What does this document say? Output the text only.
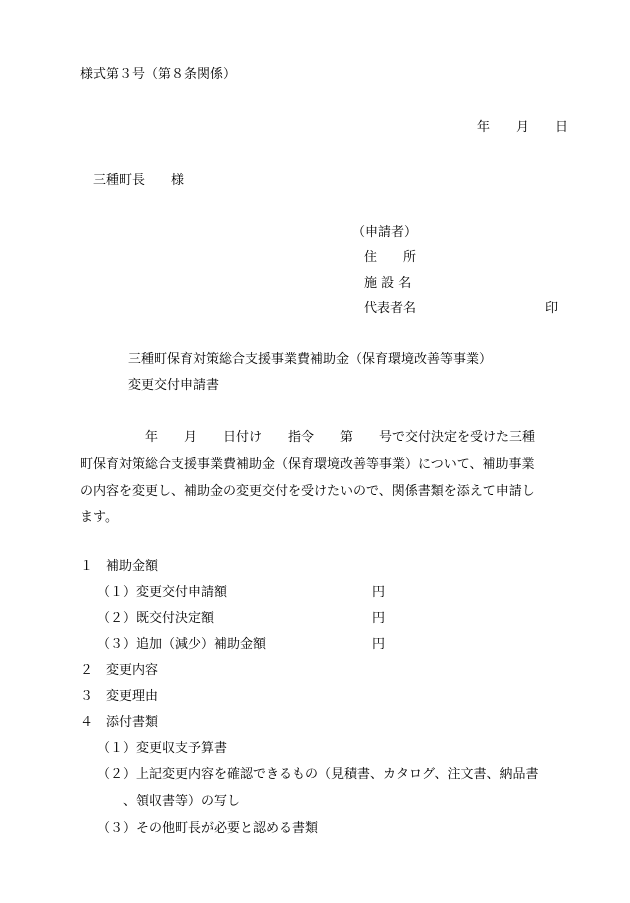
様式第３号（第８条関係）
年　　月　　日
三種町長　　様
（申請者）
住　　所
施 設 名
代表者名	印
三種町保育対策総合支援事業費補助金（保育環境改善等事業）
変更交付申請書
　　　　　年　　月　　日付け　　指令　　第　　号で交付決定を受けた三種
町保育対策総合支援事業費補助金（保育環境改善等事業）について、補助事業
の内容を変更し、補助金の変更交付を受けたいので、関係書類を添えて申請し
ます。
１　補助金額
（１）変更交付申請額	円
（２）既交付決定額	円
（３）追加（減少）補助金額	円
２　変更内容
３　変更理由
４　添付書類
（１）変更収支予算書
（２）上記変更内容を確認できるもの（見積書、カタログ、注文書、納品書
　　、領収書等）の写し
（３）その他町長が必要と認める書類
